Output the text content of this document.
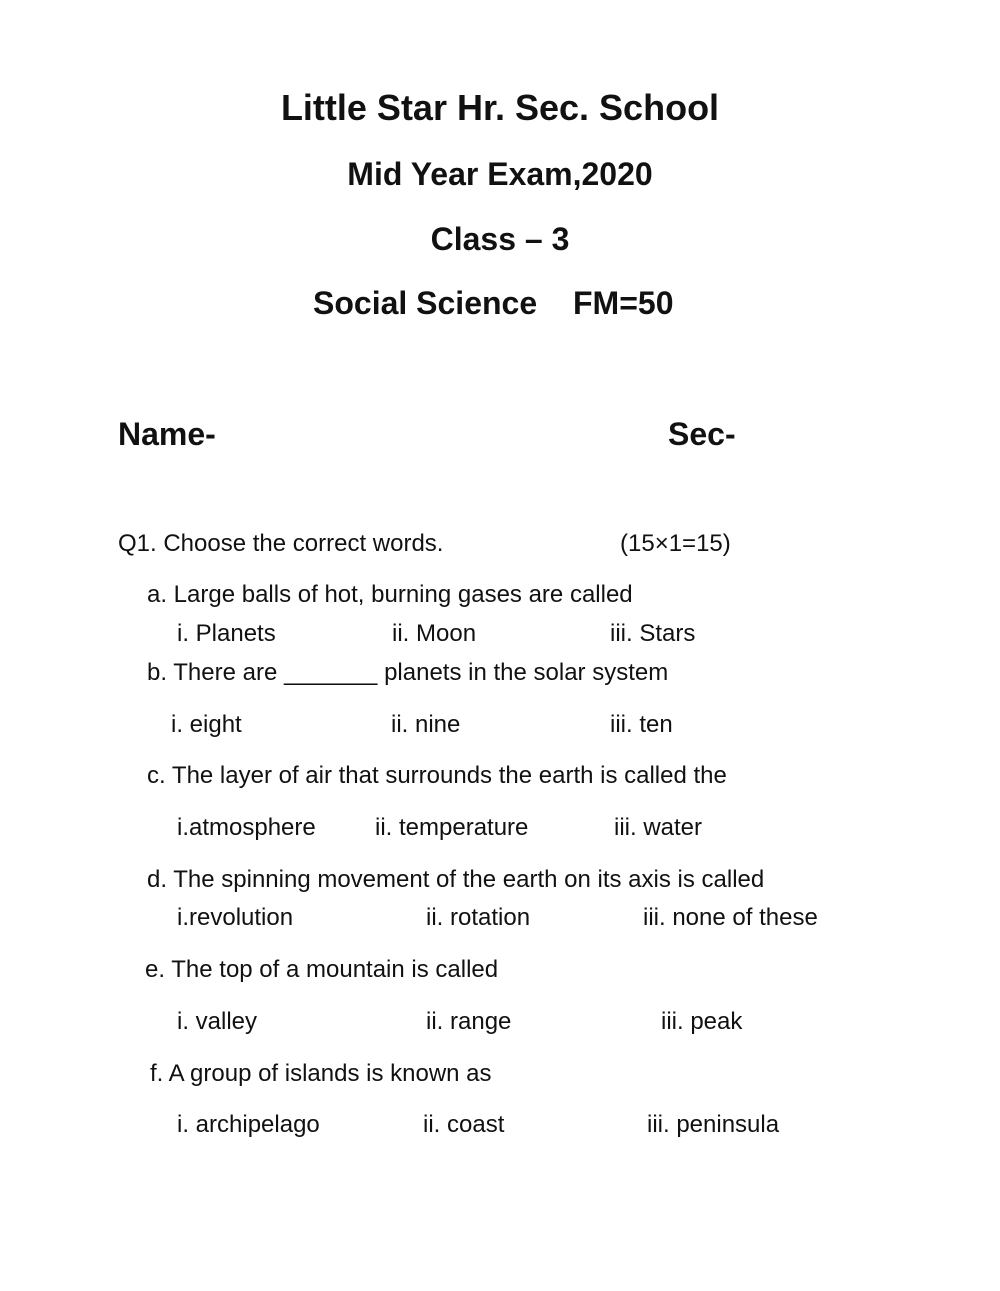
Little Star Hr. Sec. School
Mid Year Exam,2020
Class – 3
Social Science FM=50
Name-	Sec-
Q1. Choose the correct words.	(15×1=15)
a. Large balls of hot, burning gases are called
i. Planets	ii. Moon	iii. Stars
b. There are _______ planets in the solar system
i. eight	ii. nine	iii. ten
c. The layer of air that surrounds the earth is called the
i.atmosphere ii. temperature	iii. water
d. The spinning movement of the earth on its axis is called
i.revolution	ii. rotation	iii. none of these
e. The top of a mountain is called
i. valley	ii. range	iii. peak
f. A group of islands is known as
i. archipelago	ii. coast	iii. peninsula
